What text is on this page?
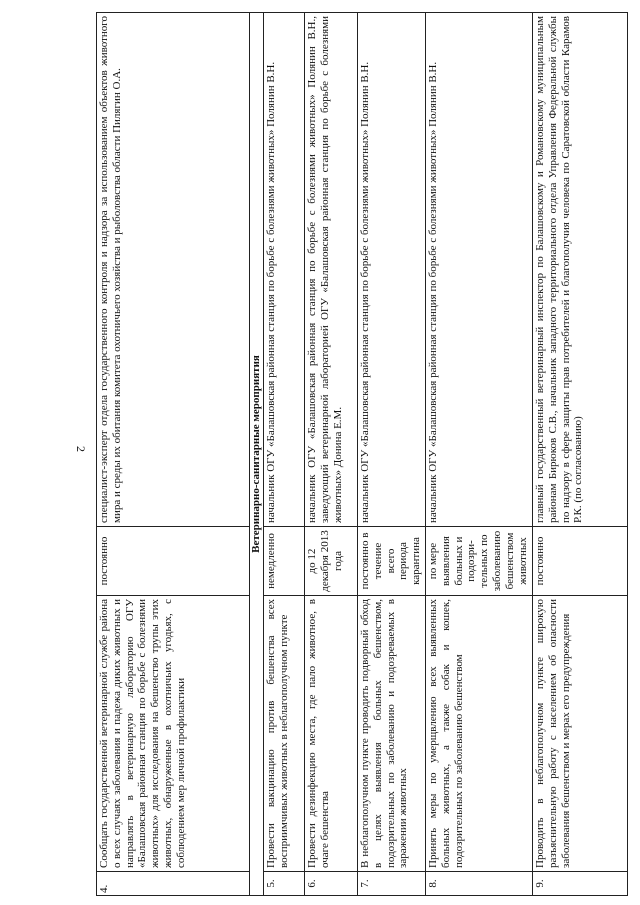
2
4.	Сообщать государственной ветеринарной службе района о всех случаях заболевания и падежа диких животных и направлять в ветеринарную лабораторию ОГУ «Балашовская районная станция по борьбе с болезнями животных» для исследования на бешенство трупы этих животных, обнаруженные в охотничьих угодьях, с соблюдением мер личной профилактики	постоянно	специалист-эксперт отдела государственного контроля и надзора за использованием объектов животного мира и среды их обитания комитета охотничьего хозяйства и рыболовства области Пилягин О.А.
Ветеринарно-санитарные мероприятия			
5.	Провести вакцинацию против бешенства всех восприимчивых животных в неблагополучном пункте	немедленно	начальник ОГУ «Балашовская районная станция по борьбе с болезнями животных» Полянин В.Н.
6.	Провести дезинфекцию места, где пало животное, в очаге бешенства	до 12 декабря 2013 года	начальник ОГУ «Балашовская районная станция по борьбе с болезнями животных» Полянин В.Н., заведующий ветеринарной лабораторией ОГУ «Балашовская районная станция по борьбе с болезнями животных» Донина Е.М.
7.	В неблагополучном пункте проводить подворный обход в целях выявления больных бешенством, подозрительных по заболеванию и подозреваемых в заражении животных	постоянно в течение всего периода карантина	начальник ОГУ «Балашовская районная станция по борьбе с болезнями животных» Полянин В.Н.
8.	Принять меры по умерщвлению всех выявленных больных животных, а также собак и кошек, подозрительных по заболеванию бешенством	по мере выявления больных и подозри-тельных по заболеванию бешенством животных	начальник ОГУ «Балашовская районная станция по борьбе с болезнями животных» Полянин В.Н.
9.	Проводить в неблагополучном пункте широкую разъяснительную работу с населением об опасности заболевания бешенством и мерах его предупреждения	постоянно	главный государственный ветеринарный инспектор по Балашовскому и Романовскому муниципальным районам Бирюков С.В., начальник западного территориального отдела Управления Федеральной службы по надзору в сфере защиты прав потребителей и благополучия человека по Саратовской области Карамов Р.К. (по согласованию)
